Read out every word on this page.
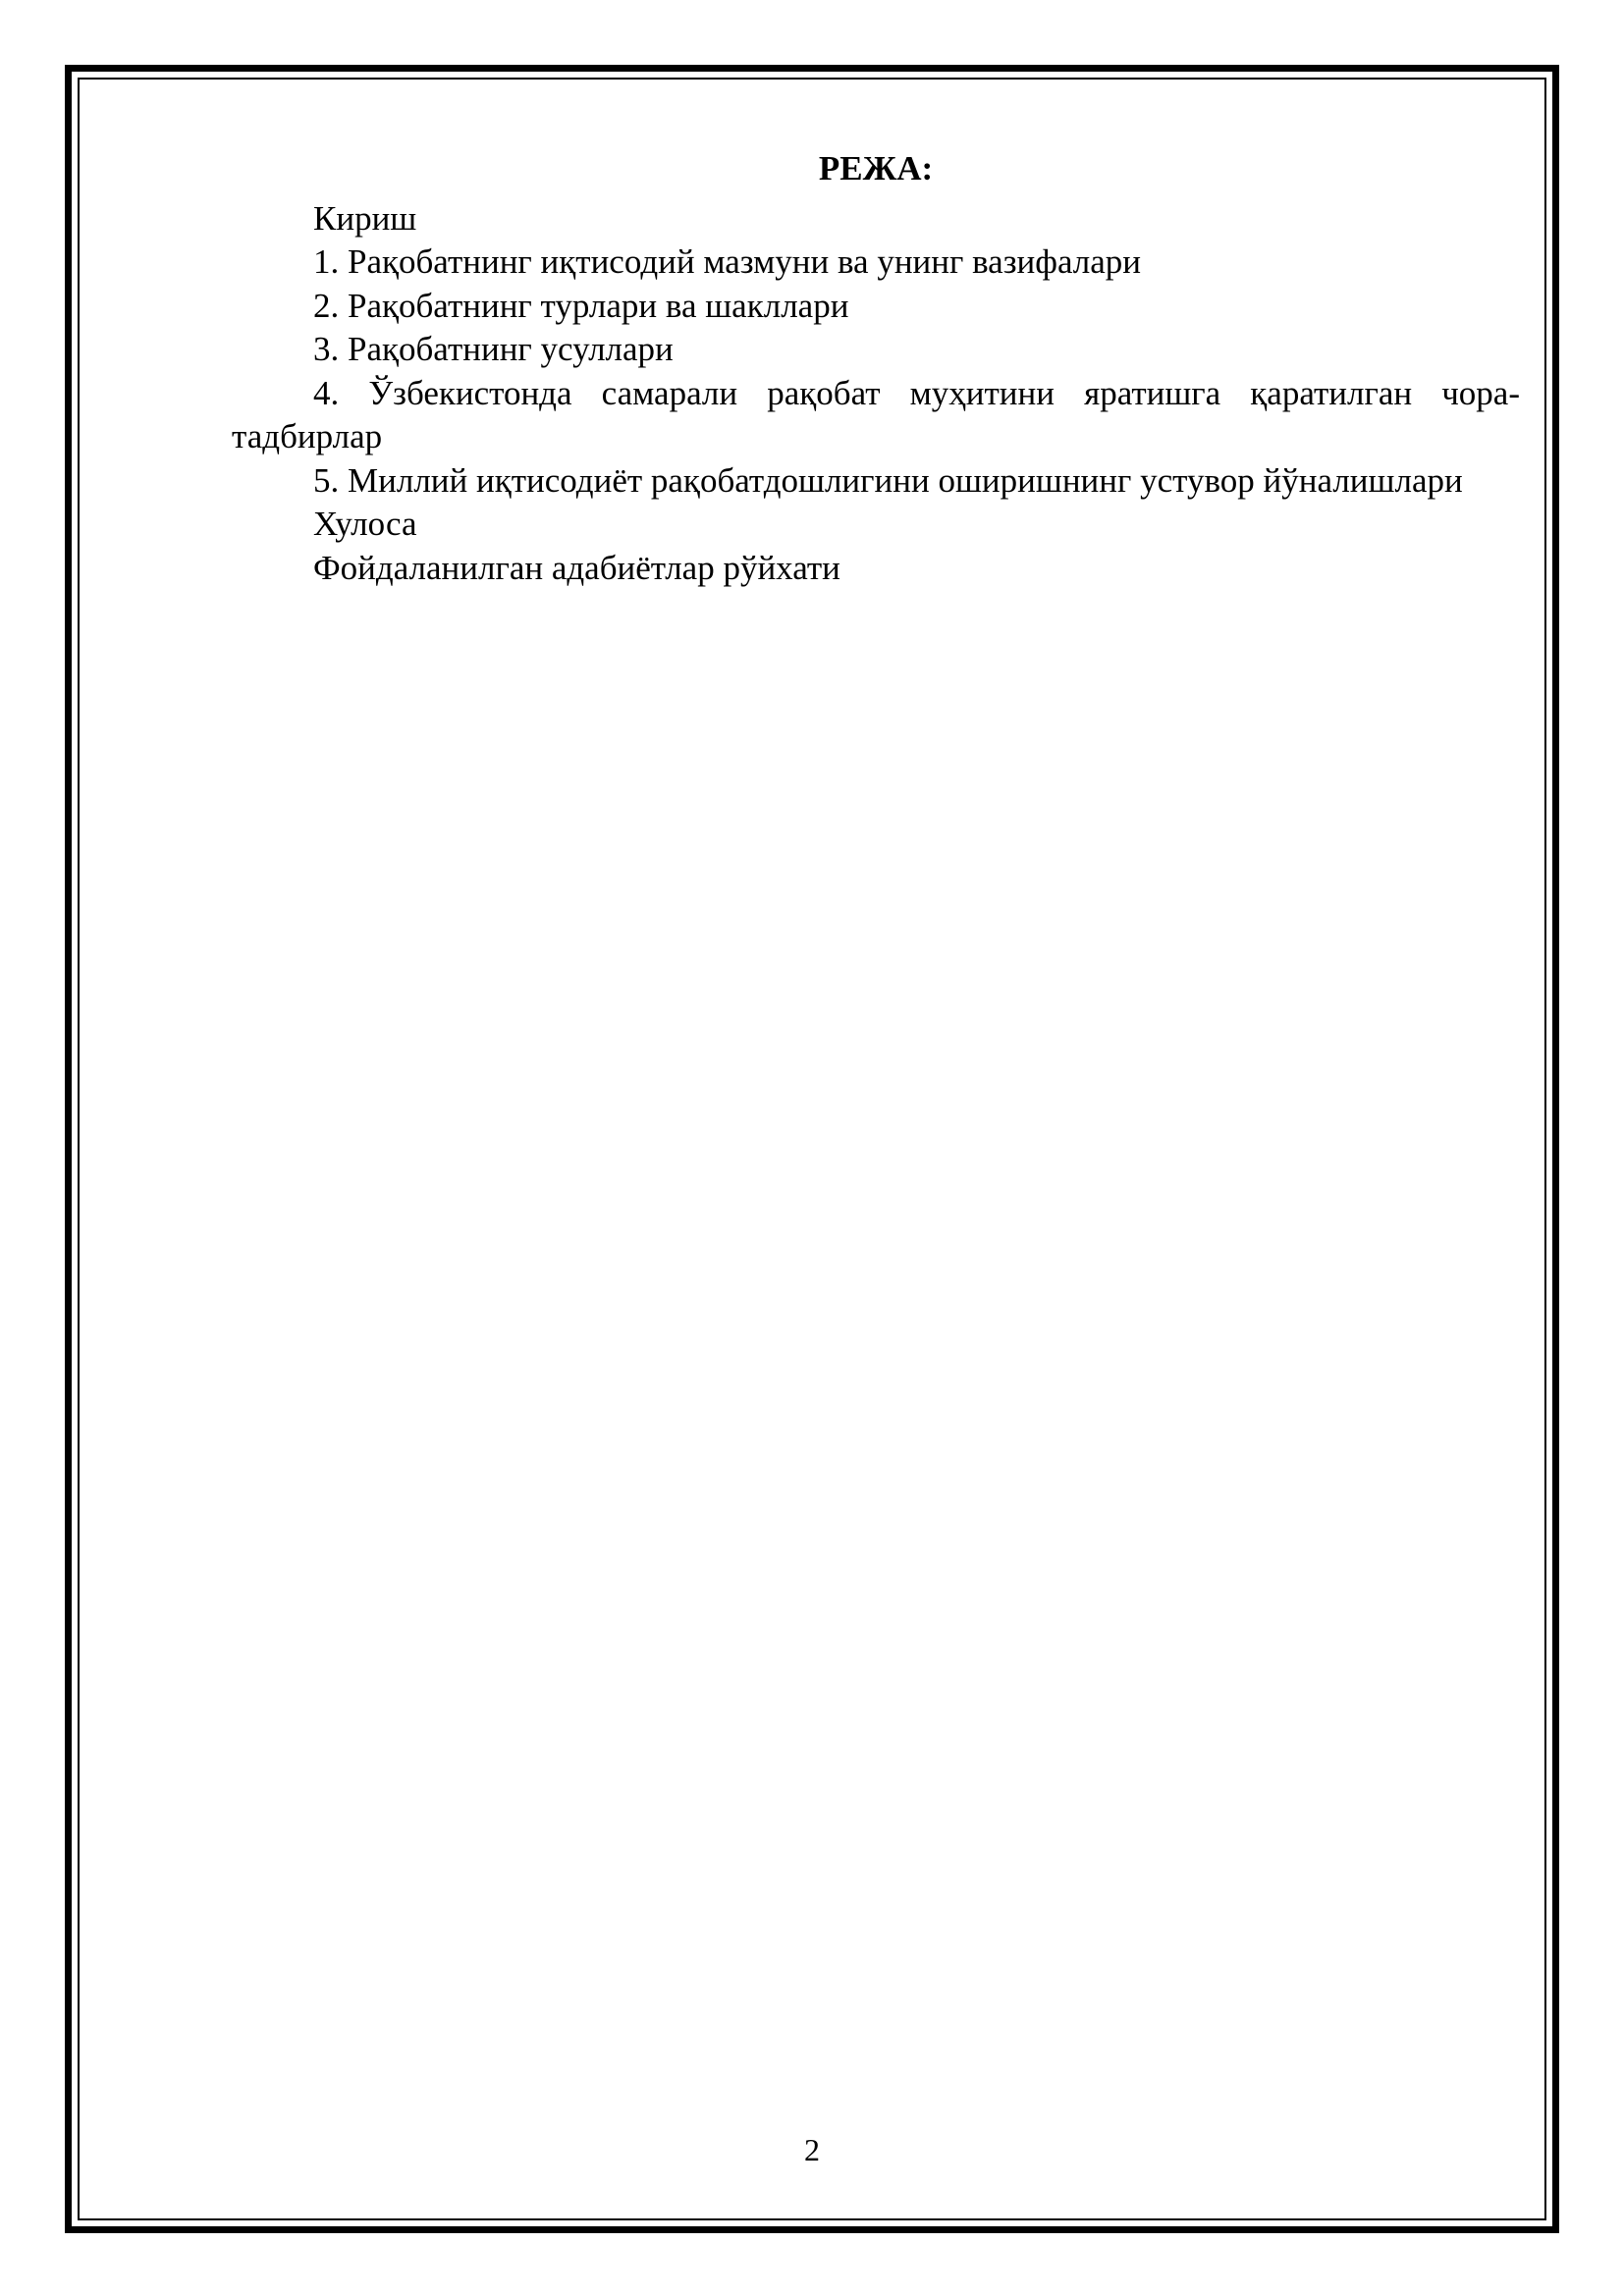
РЕЖА:

Кириш

1. Рақобатнинг иқтисодий мазмуни ва унинг вазифалари

2. Рақобатнинг турлари ва шакллари

3. Рақобатнинг усуллари

4. Ўзбекистонда самарали рақобат муҳитини яратишга қаратилган чора-тадбирлар

5. Миллий иқтисодиёт рақобатдошлигини оширишнинг устувор йўналишлари

Хулоса

Фойдаланилган адабиётлар рўйхати

2
